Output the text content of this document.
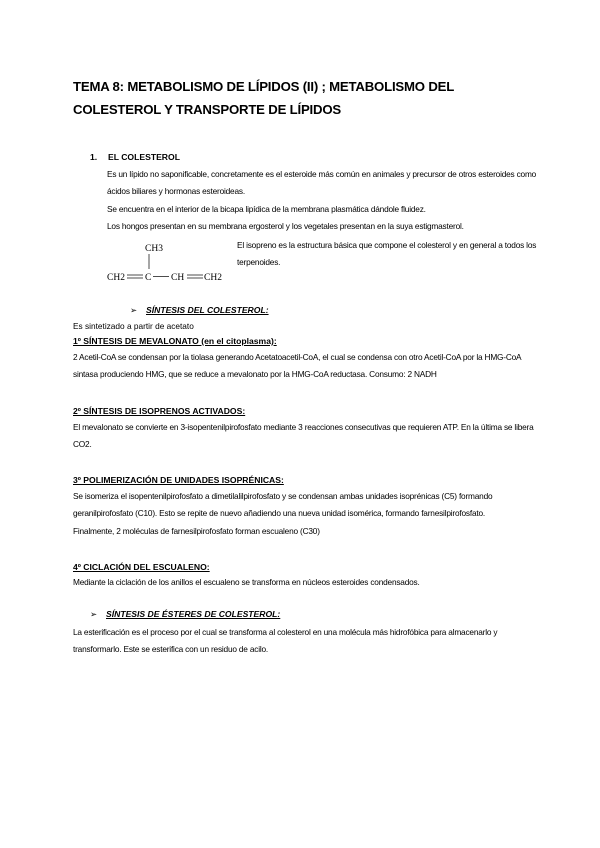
TEMA 8: METABOLISMO DE LÍPIDOS (II) ; METABOLISMO DEL COLESTEROL Y TRANSPORTE DE LÍPIDOS
1. EL COLESTEROL
Es un lípido no saponificable, concretamente es el esteroide más común en animales y precursor de otros esteroides como ácidos biliares y hormonas esteroideas.
Se encuentra en el interior de la bicapa lipídica de la membrana plasmática dándole fluidez.
Los hongos presentan en su membrana ergosterol y los vegetales presentan en la suya estigmasterol.
CH3
CH2 C CH CH2
El isopreno es la estructura básica que compone el colesterol y en general a todos los terpenoides.
➢ SÍNTESIS DEL COLESTEROL:
Es sintetizado a partir de acetato
1º SÍNTESIS DE MEVALONATO (en el citoplasma):
2 Acetil-CoA se condensan por la tiolasa generando Acetatoacetil-CoA, el cual se condensa con otro Acetil-CoA por la HMG-CoA sintasa produciendo HMG, que se reduce a mevalonato por la HMG-CoA reductasa. Consumo: 2 NADH
2º SÍNTESIS DE ISOPRENOS ACTIVADOS:
El mevalonato se convierte en 3-isopentenilpirofosfato mediante 3 reacciones consecutivas que requieren ATP. En la última se libera CO2.
3º POLIMERIZACIÓN DE UNIDADES ISOPRÉNICAS:
Se isomeriza el isopentenilpirofosfato a dimetilalilpirofosfato y se condensan ambas unidades isoprénicas (C5) formando geranilpirofosfato (C10). Esto se repite de nuevo añadiendo una nueva unidad isomérica, formando farnesilpirofosfato.
Finalmente, 2 moléculas de farnesilpirofosfato forman escualeno (C30)
4º CICLACIÓN DEL ESCUALENO:
Mediante la ciclación de los anillos el escualeno se transforma en núcleos esteroides condensados.
➢ SÍNTESIS DE ÉSTERES DE COLESTEROL:
La esterificación es el proceso por el cual se transforma al colesterol en una molécula más hidrofóbica para almacenarlo y transformarlo. Este se esterifica con un residuo de acilo.
